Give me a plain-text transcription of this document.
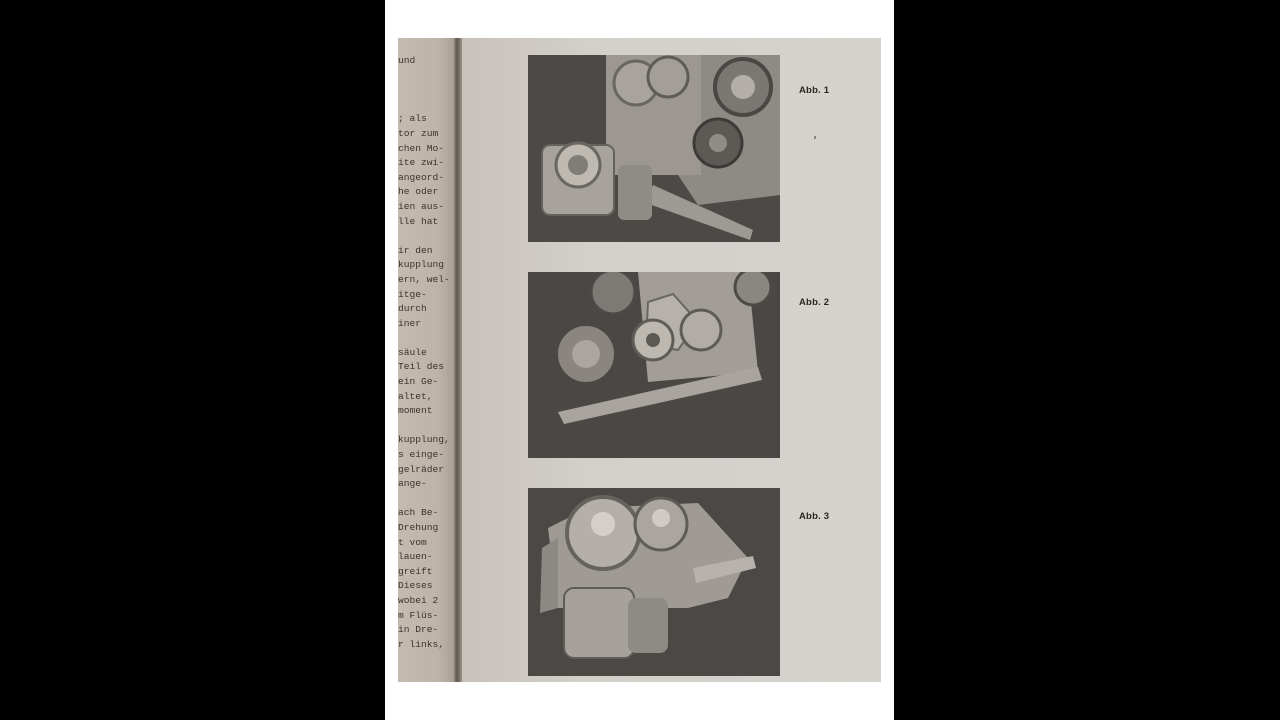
und
; als
tor zum
chen Mo-
ite zwi-
angeord-
he oder
ien aus-
lle hat
ir den
kupplung
ern, wel-
itge-
durch
iner
säule
Teil des
ein Ge-
altet,
moment
kupplung,
s einge-
gelräder
ange-
ach Be-
Drehung
t vom
lauen-
greift
Dieses
wobei 2
m Flüs-
in Dre-
r links,
Abb. 1
Abb. 2
Abb. 3
